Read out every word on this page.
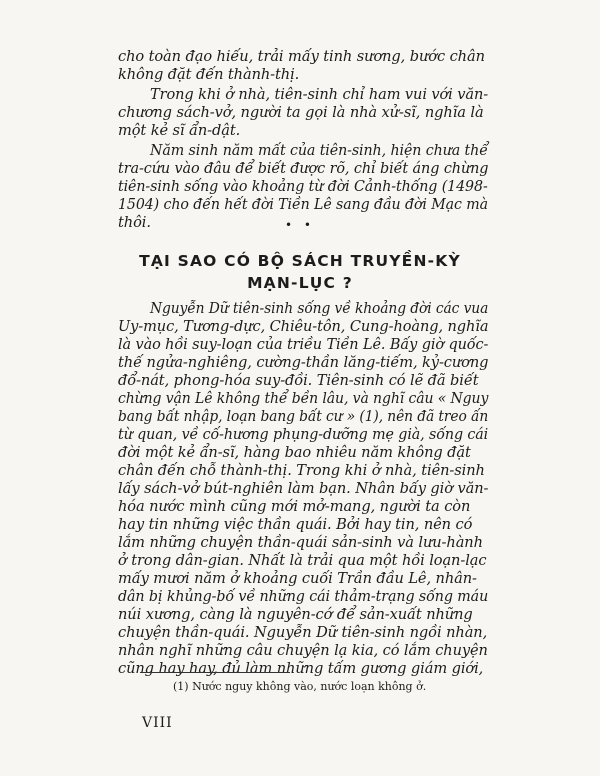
cho toàn đạo hiếu, trải mấy tinh sương, bước chân
không đặt đến thành-thị.
Trong khi ở nhà, tiên-sinh chỉ ham vui với văn-
chương sách-vở, người ta gọi là nhà xử-sĩ, nghĩa là
một kẻ sĩ ẩn-dật.
Năm sinh năm mất của tiên-sinh, hiện chưa thể
tra-cứu vào đâu để biết được rõ, chỉ biết áng chừng
tiên-sinh sống vào khoảng từ đời Cảnh-thống (1498-
1504) cho đến hết đời Tiền Lê sang đầu đời Mạc mà
thôi.	• •
TẠI SAO CÓ BỘ SÁCH TRUYỀN-KỲ
MẠN-LỤC ?
Nguyễn Dữ tiên-sinh sống về khoảng đời các vua
Uy-mục, Tương-dực, Chiêu-tôn, Cung-hoàng, nghĩa
là vào hồi suy-loạn của triều Tiền Lê. Bấy giờ quốc-
thế ngửa-nghiêng, cường-thần lăng-tiếm, kỷ-cương
đổ-nát, phong-hóa suy-đồi. Tiên-sinh có lẽ đã biết
chừng vận Lê không thể bền lâu, và nghĩ câu « Nguy
bang bất nhập, loạn bang bất cư » (1), nên đã treo ấn
từ quan, về cố-hương phụng-dưỡng mẹ già, sống cái
đời một kẻ ẩn-sĩ, hàng bao nhiêu năm không đặt
chân đến chỗ thành-thị. Trong khi ở nhà, tiên-sinh
lấy sách-vở bút-nghiên làm bạn. Nhân bấy giờ văn-
hóa nước mình cũng mới mở-mang, người ta còn
hay tin những việc thần quái. Bởi hay tin, nên có
lắm những chuyện thần-quái sản-sinh và lưu-hành
ở trong dân-gian. Nhất là trải qua một hồi loạn-lạc
mấy mươi năm ở khoảng cuối Trần đầu Lê, nhân-
dân bị khủng-bố về những cái thảm-trạng sống máu
núi xương, càng là nguyên-cớ để sản-xuất những
chuyện thần-quái. Nguyễn Dữ tiên-sinh ngồi nhàn,
nhân nghĩ những câu chuyện lạ kia, có lắm chuyện
cũng hay hay, đủ làm những tấm gương giám giới,
(1) Nước nguy không vào, nước loạn không ở.
VIII
